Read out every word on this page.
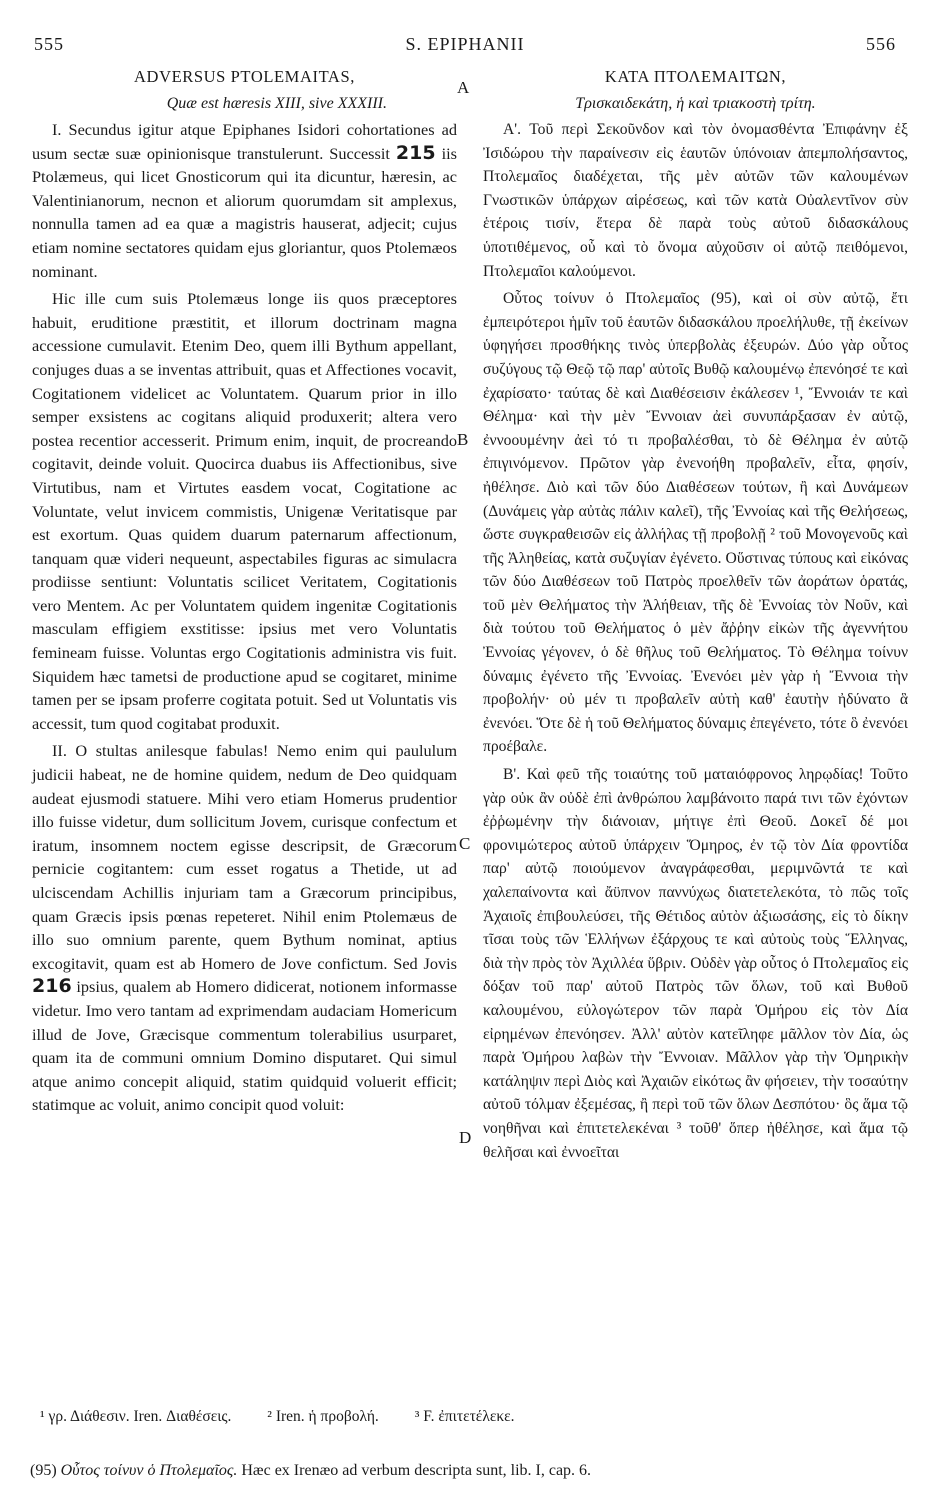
555	S. EPIPHANII	556
A
B
C
D
ADVERSUS PTOLEMAITAS,
Quæ est hæresis XIII, sive XXXIII.

I. Secundus igitur atque Epiphanes Isidori cohortationes ad usum sectæ suæ opinionisque transtulerunt. Successit 215 iis Ptolæmeus, qui licet Gnosticorum qui ita dicuntur, hæresin, ac Valentinianorum, necnon et aliorum quorumdam sit amplexus, nonnulla tamen ad ea quæ a magistris hauserat, adjecit; cujus etiam nomine sectatores quidam ejus gloriantur, quos Ptolemæos nominant.

Hic ille cum suis Ptolemæus longe iis quos præceptores habuit, eruditione præstitit, et illorum doctrinam magna accessione cumulavit. Etenim Deo, quem illi Bythum appellant, conjuges duas a se inventas attribuit, quas et Affectiones vocavit, Cogitationem videlicet ac Voluntatem. Quarum prior in illo semper exsistens ac cogitans aliquid produxerit; altera vero postea recentior accesserit. Primum enim, inquit, de procreando cogitavit, deinde voluit. Quocirca duabus iis Affectionibus, sive Virtutibus, nam et Virtutes easdem vocat, Cogitatione ac Voluntate, velut invicem commistis, Unigenæ Veritatisque par est exortum. Quas quidem duarum paternarum affectionum, tanquam quæ videri nequeunt, aspectabiles figuras ac simulacra prodiisse sentiunt: Voluntatis scilicet Veritatem, Cogitationis vero Mentem. Ac per Voluntatem quidem ingenitæ Cogitationis masculam effigiem exstitisse: ipsius met vero Voluntatis femineam fuisse. Voluntas ergo Cogitationis administra vis fuit. Siquidem hæc tametsi de productione apud se cogitaret, minime tamen per se ipsam proferre cogitata potuit. Sed ut Voluntatis vis accessit, tum quod cogitabat produxit.

II. O stultas anilesque fabulas! Nemo enim qui paululum judicii habeat, ne de homine quidem, nedum de Deo quidquam audeat ejusmodi statuere. Mihi vero etiam Homerus prudentior illo fuisse videtur, dum sollicitum Jovem, curisque confectum et iratum, insomnem noctem egisse descripsit, de Græcorum pernicie cogitantem: cum esset rogatus a Thetide, ut ad ulciscendam Achillis injuriam tam a Græcorum principibus, quam Græcis ipsis pœnas repeteret. Nihil enim Ptolemæus de illo suo omnium parente, quem Bythum nominat, aptius excogitavit, quam est ab Homero de Jove confictum. Sed Jovis 216 ipsius, qualem ab Homero didicerat, notionem informasse videtur. Imo vero tantam ad exprimendam audaciam Homericum illud de Jove, Græcisque commentum tolerabilius usurparet, quam ita de communi omnium Domino disputaret. Qui simul atque animo concepit aliquid, statim quidquid voluerit efficit; statimque ac voluit, animo concipit quod voluit:

ΚΑΤΑ ΠΤΟΛΕΜΑΙΤΩΝ,
Τρισκαιδεκάτη, ἡ καὶ τριακοστὴ τρίτη.

Α'. Τοῦ περὶ Σεκοῦνδον καὶ τὸν ὀνομασθέντα Ἐπιφάνην ἐξ Ἰσιδώρου τὴν παραίνεσιν εἰς ἑαυτῶν ὑπόνοιαν ἀπεμπολήσαντος, Πτολεμαῖος διαδέχεται, τῆς μὲν αὐτῶν τῶν καλουμένων Γνωστικῶν ὑπάρχων αἱρέσεως, καὶ τῶν κατὰ Οὐαλεντῖνον σὺν ἑτέροις τισίν, ἕτερα δὲ παρὰ τοὺς αὐτοῦ διδασκάλους ὑποτιθέμενος, οὗ καὶ τὸ ὄνομα αὐχοῦσιν οἱ αὐτῷ πειθόμενοι, Πτολεμαῖοι καλούμενοι.

Οὗτος τοίνυν ὁ Πτολεμαῖος (95), καὶ οἱ σὺν αὐτῷ, ἔτι ἐμπειρότεροι ἡμῖν τοῦ ἑαυτῶν διδασκάλου προελήλυθε, τῇ ἐκείνων ὑφηγήσει προσθήκης τινὸς ὑπερβολὰς ἐξευρών. Δύο γὰρ οὗτος συζύγους τῷ Θεῷ τῷ παρ' αὐτοῖς Βυθῷ καλουμένῳ ἐπενόησέ τε καὶ ἐχαρίσατο· ταύτας δὲ καὶ Διαθέσεισιν ἐκάλεσεν ¹, Ἔννοιάν τε καὶ Θέλημα· καὶ τὴν μὲν Ἔννοιαν ἀεὶ συνυπάρξασαν ἐν αὐτῷ, ἐννοουμένην ἀεὶ τό τι προβαλέσθαι, τὸ δὲ Θέλημα ἐν αὐτῷ ἐπιγινόμενον. Πρῶτον γὰρ ἐνενοήθη προβαλεῖν, εἶτα, φησίν, ἠθέλησε. Διὸ καὶ τῶν δύο Διαθέσεων τούτων, ἢ καὶ Δυνάμεων (Δυνάμεις γὰρ αὐτὰς πάλιν καλεῖ), τῆς Ἐννοίας καὶ τῆς Θελήσεως, ὥστε συγκραθεισῶν εἰς ἀλλήλας τῇ προβολῇ ² τοῦ Μονογενοῦς καὶ τῆς Ἀληθείας, κατὰ συζυγίαν ἐγένετο. Οὕστινας τύπους καὶ εἰκόνας τῶν δύο Διαθέσεων τοῦ Πατρὸς προελθεῖν τῶν ἀοράτων ὁρατάς, τοῦ μὲν Θελήματος τὴν Ἀλήθειαν, τῆς δὲ Ἐννοίας τὸν Νοῦν, καὶ διὰ τούτου τοῦ Θελήματος ὁ μὲν ἄῤῥην εἰκὼν τῆς ἀγεννήτου Ἐννοίας γέγονεν, ὁ δὲ θῆλυς τοῦ Θελήματος. Τὸ Θέλημα τοίνυν δύναμις ἐγένετο τῆς Ἐννοίας. Ἐνενόει μὲν γὰρ ἡ Ἔννοια τὴν προβολήν· οὐ μέν τι προβαλεῖν αὐτὴ καθ' ἑαυτὴν ἠδύνατο ἃ ἐνενόει. Ὅτε δὲ ἡ τοῦ Θελήματος δύναμις ἐπεγένετο, τότε ὃ ἐνενόει προέβαλε.

Β'. Καὶ φεῦ τῆς τοιαύτης τοῦ ματαιόφρονος ληρῳδίας! Τοῦτο γὰρ οὐκ ἂν οὐδὲ ἐπὶ ἀνθρώπου λαμβάνοιτο παρά τινι τῶν ἐχόντων ἐῤῥωμένην τὴν διάνοιαν, μήτιγε ἐπὶ Θεοῦ. Δοκεῖ δέ μοι φρονιμώτερος αὐτοῦ ὑπάρχειν Ὅμηρος, ἐν τῷ τὸν Δία φροντίδα παρ' αὐτῷ ποιούμενον ἀναγράφεσθαι, μεριμνῶντά τε καὶ χαλεπαίνοντα καὶ ἄϋπνον παννύχως διατετελεκότα, τὸ πῶς τοῖς Ἀχαιοῖς ἐπιβουλεύσει, τῆς Θέτιδος αὐτὸν ἀξιωσάσης, εἰς τὸ δίκην τῖσαι τοὺς τῶν Ἑλλήνων ἐξάρχους τε καὶ αὐτοὺς τοὺς Ἕλληνας, διὰ τὴν πρὸς τὸν Ἀχιλλέα ὕβριν. Οὐδὲν γὰρ οὗτος ὁ Πτολεμαῖος εἰς δόξαν τοῦ παρ' αὐτοῦ Πατρὸς τῶν ὅλων, τοῦ καὶ Βυθοῦ καλουμένου, εὐλογώτερον τῶν παρὰ Ὁμήρου εἰς τὸν Δία εἰρημένων ἐπενόησεν. Ἀλλ' αὐτὸν κατεῖληφε μᾶλλον τὸν Δία, ὡς παρὰ Ὁμήρου λαβὼν τὴν Ἔννοιαν. Μᾶλλον γὰρ τὴν Ὁμηρικὴν κατάληψιν περὶ Διὸς καὶ Ἀχαιῶν εἰκότως ἂν φήσειεν, τὴν τοσαύτην αὐτοῦ τόλμαν ἐξεμέσας, ἢ περὶ τοῦ τῶν ὅλων Δεσπότου· ὃς ἅμα τῷ νοηθῆναι καὶ ἐπιτετελεκέναι ³ τοῦθ' ὅπερ ἠθέλησε, καὶ ἅμα τῷ θελῆσαι καὶ ἐννοεῖται

¹ γρ. Διάθεσιν. Iren. Διαθέσεις. ² Iren. ἡ προβολή. ³ F. ἐπιτετέλεκε.
(95) Οὗτος τοίνυν ὁ Πτολεμαῖος. Hæc ex Irenæo ad verbum descripta sunt, lib. I, cap. 6.
